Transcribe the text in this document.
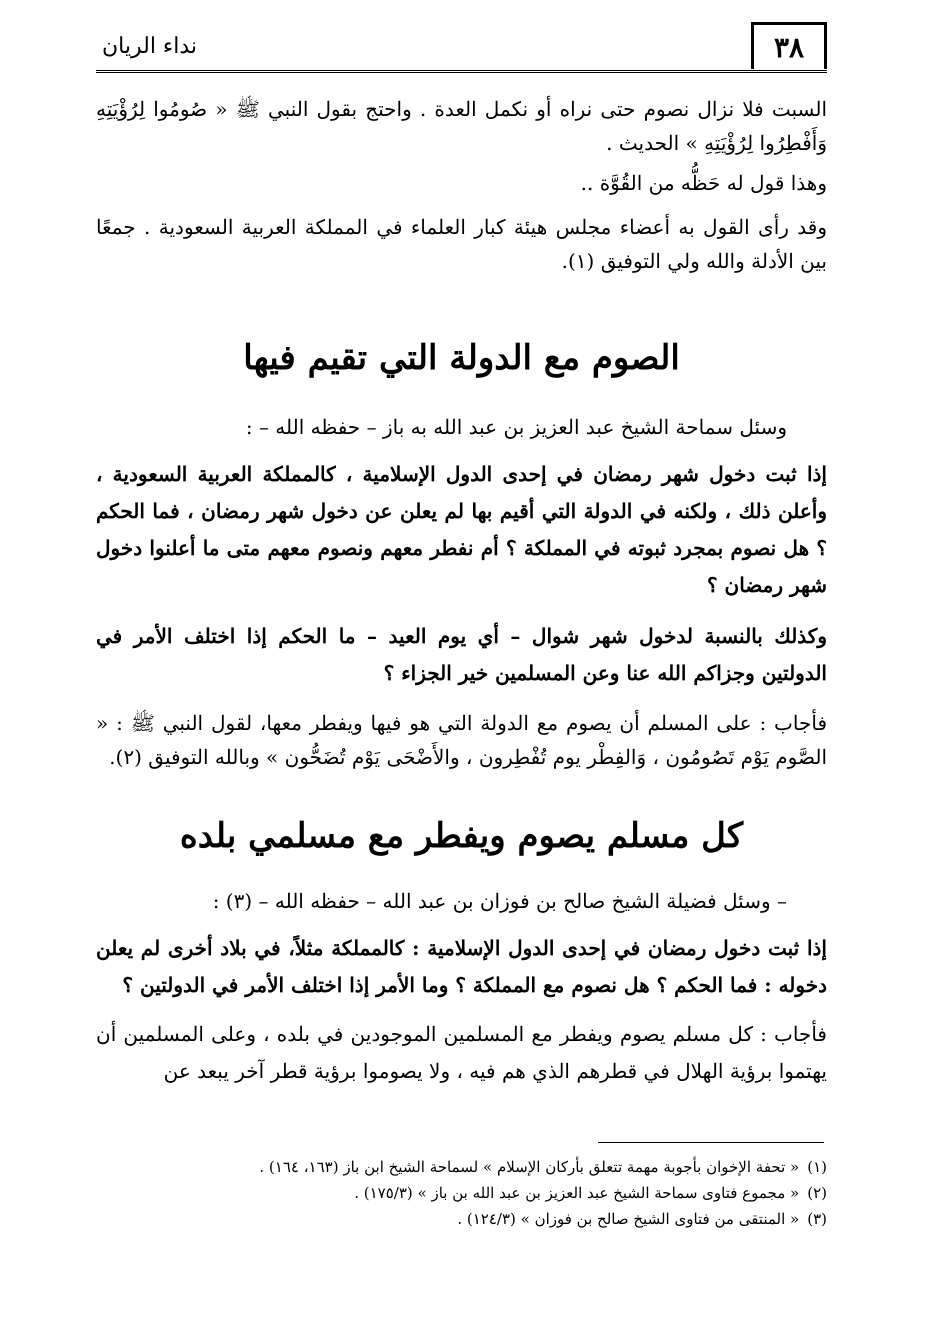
٣٨
نداء الريان

السبت فلا نزال نصوم حتى نراه أو نكمل العدة . واحتج بقول النبي ﷺ « صُومُوا لِرُؤْيَتِهِ وَأَفْطِرُوا لِرُؤْيَتِهِ » الحديث .

وهذا قول له حَظُّه من القُوَّة ..

وقد رأى القول به أعضاء مجلس هيئة كبار العلماء في المملكة العربية السعودية . جمعًا بين الأدلة والله ولي التوفيق (١).

الصوم مع الدولة التي تقيم فيها

وسئل سماحة الشيخ عبد العزيز بن عبد الله به باز – حفظه الله – :

إذا ثبت دخول شهر رمضان في إحدى الدول الإسلامية ، كالمملكة العربية السعودية ، وأعلن ذلك ، ولكنه في الدولة التي أقيم بها لم يعلن عن دخول شهر رمضان ، فما الحكم ؟ هل نصوم بمجرد ثبوته في المملكة ؟ أم نفطر معهم ونصوم معهم متى ما أعلنوا دخول شهر رمضان ؟

وكذلك بالنسبة لدخول شهر شوال – أي يوم العيد – ما الحكم إذا اختلف الأمر في الدولتين وجزاكم الله عنا وعن المسلمين خير الجزاء ؟

فأجاب : على المسلم أن يصوم مع الدولة التي هو فيها ويفطر معها، لقول النبي ﷺ : « الصَّوم يَوْم تَصُومُون ، وَالفِطْر يوم تُفْطِرون ، والأَضْحَى يَوْم تُضَحُّون » وبالله التوفيق (٢).

كل مسلم يصوم ويفطر مع مسلمي بلده

– وسئل فضيلة الشيخ صالح بن فوزان بن عبد الله – حفظه الله – (٣) :

إذا ثبت دخول رمضان في إحدى الدول الإسلامية : كالمملكة مثلاً، في بلاد أخرى لم يعلن دخوله : فما الحكم ؟ هل نصوم مع المملكة ؟ وما الأمر إذا اختلف الأمر في الدولتين ؟

فأجاب : كل مسلم يصوم ويفطر مع المسلمين الموجودين في بلده ، وعلى المسلمين أن يهتموا برؤية الهلال في قطرهم الذي هم فيه ، ولا يصوموا برؤية قطر آخر يبعد عن

(١)« تحفة الإخوان بأجوبة مهمة تتعلق بأركان الإسلام » لسماحة الشيخ ابن باز (١٦٣، ١٦٤) .

(٢)« مجموع فتاوى سماحة الشيخ عبد العزيز بن عبد الله بن باز » (١٧٥/٣) .

(٣)« المنتقى من فتاوى الشيخ صالح بن فوزان » (١٢٤/٣) .
